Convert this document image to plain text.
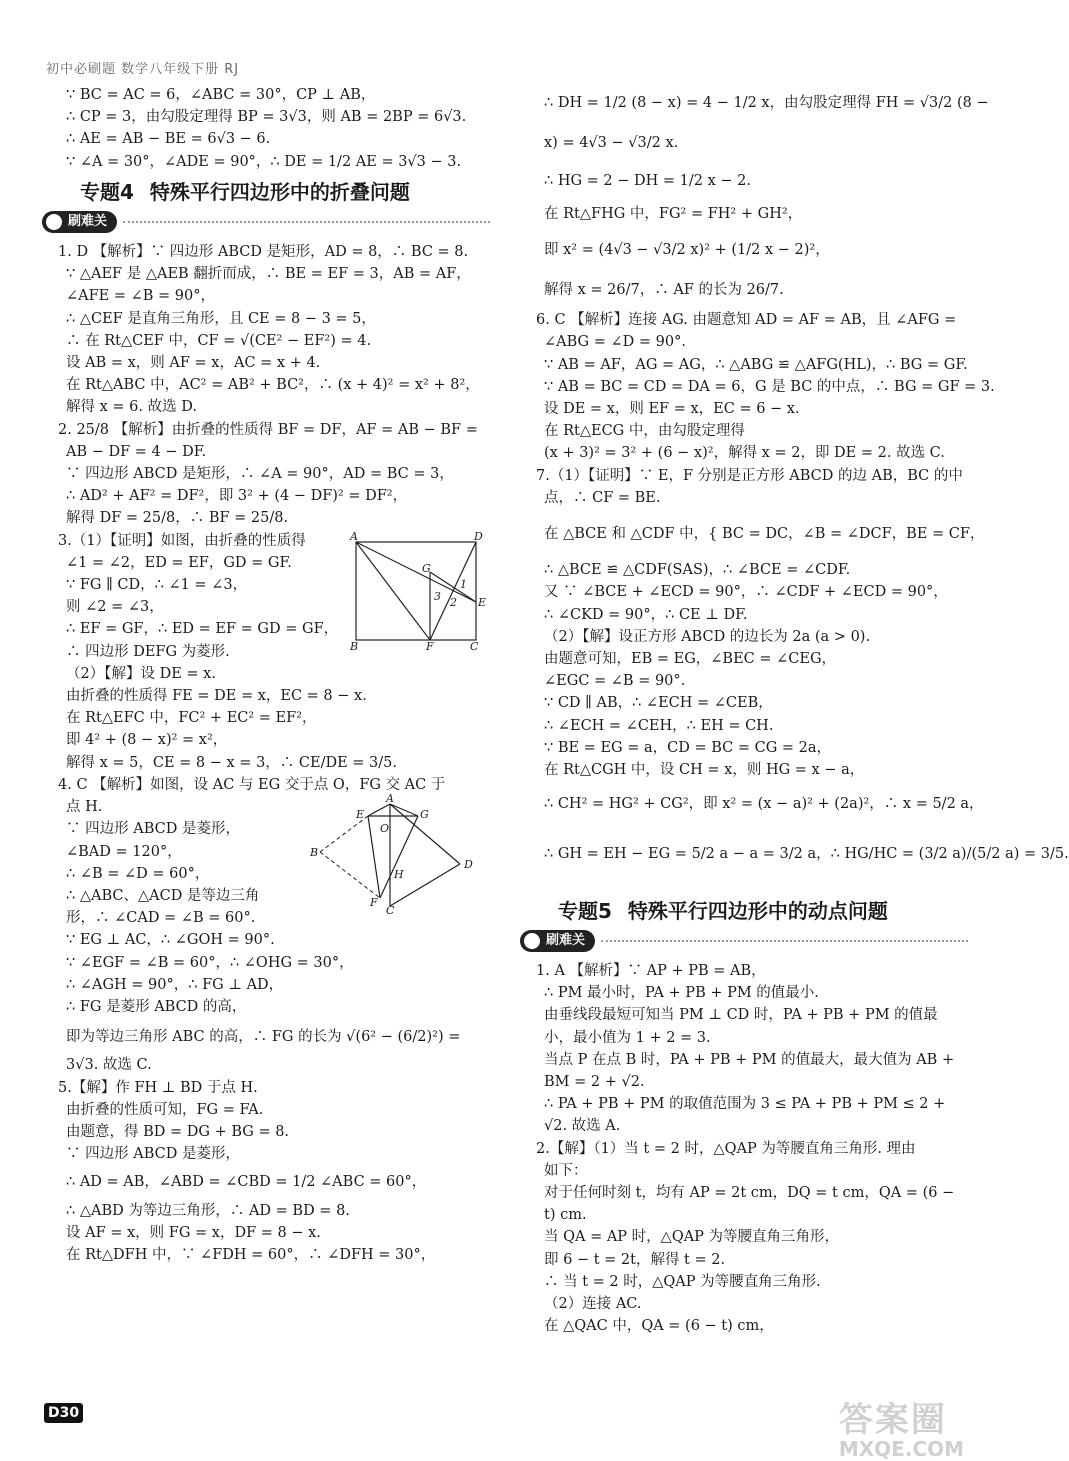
初中必刷题 数学八年级下册 RJ
∵ BC = AC = 6，∠ABC = 30°，CP ⊥ AB，
∴ CP = 3，由勾股定理得 BP = 3√3，则 AB = 2BP = 6√3.
∴ AE = AB − BE = 6√3 − 6.
∵ ∠A = 30°，∠ADE = 90°，∴ DE = 1/2 AE = 3√3 − 3.
专题4 特殊平行四边形中的折叠问题
刷难关
1. D 【解析】∵ 四边形 ABCD 是矩形，AD = 8，∴ BC = 8.
∵ △AEF 是 △AEB 翻折而成，∴ BE = EF = 3，AB = AF，
∠AFE = ∠B = 90°，
∴ △CEF 是直角三角形，且 CE = 8 − 3 = 5，
∴ 在 Rt△CEF 中，CF = √(CE² − EF²) = 4.
设 AB = x，则 AF = x，AC = x + 4.
在 Rt△ABC 中，AC² = AB² + BC²，∴ (x + 4)² = x² + 8²，
解得 x = 6. 故选 D.
2. 25/8 【解析】由折叠的性质得 BF = DF，AF = AB − BF =
AB − DF = 4 − DF.
∵ 四边形 ABCD 是矩形，∴ ∠A = 90°，AD = BC = 3，
∴ AD² + AF² = DF²，即 3² + (4 − DF)² = DF²，
解得 DF = 25/8，∴ BF = 25/8.
A	D
G
1
3 2 E
B	F	C
3.（1）【证明】如图，由折叠的性质得
∠1 = ∠2，ED = EF，GD = GF.
∵ FG ∥ CD，∴ ∠1 = ∠3，
则 ∠2 = ∠3，
∴ EF = GF，∴ ED = EF = GD = GF，
∴ 四边形 DEFG 为菱形.
（2）【解】设 DE = x.
由折叠的性质得 FE = DE = x，EC = 8 − x.
在 Rt△EFC 中，FC² + EC² = EF²，
即 4² + (8 − x)² = x²，
解得 x = 5，CE = 8 − x = 3，∴ CE/DE = 3/5.
A
E	G
O
B
D
H
F
C
4. C 【解析】如图，设 AC 与 EG 交于点 O，FG 交 AC 于
点 H.
∵ 四边形 ABCD 是菱形，
∠BAD = 120°，
∴ ∠B = ∠D = 60°，
∴ △ABC、△ACD 是等边三角
形，∴ ∠CAD = ∠B = 60°.
∵ EG ⊥ AC，∴ ∠GOH = 90°.
∵ ∠EGF = ∠B = 60°，∴ ∠OHG = 30°，
∴ ∠AGH = 90°，∴ FG ⊥ AD，
∴ FG 是菱形 ABCD 的高，
即为等边三角形 ABC 的高，∴ FG 的长为 √(6² − (6/2)²) =
3√3. 故选 C.
5.【解】作 FH ⊥ BD 于点 H.
由折叠的性质可知，FG = FA.
由题意，得 BD = DG + BG = 8.
∵ 四边形 ABCD 是菱形，
∴ AD = AB，∠ABD = ∠CBD = 1/2 ∠ABC = 60°，
∴ △ABD 为等边三角形，∴ AD = BD = 8.
设 AF = x，则 FG = x，DF = 8 − x.
在 Rt△DFH 中，∵ ∠FDH = 60°，∴ ∠DFH = 30°，
∴ DH = 1/2 (8 − x) = 4 − 1/2 x，由勾股定理得 FH = √3/2 (8 −
x) = 4√3 − √3/2 x.
∴ HG = 2 − DH = 1/2 x − 2.
在 Rt△FHG 中，FG² = FH² + GH²，
即 x² = (4√3 − √3/2 x)² + (1/2 x − 2)²，
解得 x = 26/7，∴ AF 的长为 26/7.
6. C 【解析】连接 AG. 由题意知 AD = AF = AB，且 ∠AFG =
∠ABG = ∠D = 90°.
∵ AB = AF，AG = AG，∴ △ABG ≌ △AFG(HL)，∴ BG = GF.
∵ AB = BC = CD = DA = 6，G 是 BC 的中点，∴ BG = GF = 3.
设 DE = x，则 EF = x，EC = 6 − x.
在 Rt△ECG 中，由勾股定理得
(x + 3)² = 3² + (6 − x)²，解得 x = 2，即 DE = 2. 故选 C.
7.（1）【证明】∵ E，F 分别是正方形 ABCD 的边 AB，BC 的中
点，∴ CF = BE.
在 △BCE 和 △CDF 中，{ BC = DC，∠B = ∠DCF，BE = CF，
∴ △BCE ≌ △CDF(SAS)，∴ ∠BCE = ∠CDF.
又 ∵ ∠BCE + ∠ECD = 90°，∴ ∠CDF + ∠ECD = 90°，
∴ ∠CKD = 90°，∴ CE ⊥ DF.
（2）【解】设正方形 ABCD 的边长为 2a (a > 0).
由题意可知，EB = EG，∠BEC = ∠CEG，
∠EGC = ∠B = 90°.
∵ CD ∥ AB，∴ ∠ECH = ∠CEB，
∴ ∠ECH = ∠CEH，∴ EH = CH.
∵ BE = EG = a，CD = BC = CG = 2a，
在 Rt△CGH 中，设 CH = x，则 HG = x − a，
∴ CH² = HG² + CG²，即 x² = (x − a)² + (2a)²，∴ x = 5/2 a，
∴ GH = EH − EG = 5/2 a − a = 3/2 a，∴ HG/HC = (3/2 a)/(5/2 a) = 3/5.
专题5 特殊平行四边形中的动点问题
刷难关
1. A 【解析】∵ AP + PB = AB，
∴ PM 最小时，PA + PB + PM 的值最小.
由垂线段最短可知当 PM ⊥ CD 时，PA + PB + PM 的值最
小，最小值为 1 + 2 = 3.
当点 P 在点 B 时，PA + PB + PM 的值最大，最大值为 AB +
BM = 2 + √2.
∴ PA + PB + PM 的取值范围为 3 ≤ PA + PB + PM ≤ 2 +
√2. 故选 A.
2.【解】（1）当 t = 2 时，△QAP 为等腰直角三角形. 理由
如下：
对于任何时刻 t，均有 AP = 2t cm，DQ = t cm，QA = (6 −
t) cm.
当 QA = AP 时，△QAP 为等腰直角三角形，
即 6 − t = 2t，解得 t = 2.
∴ 当 t = 2 时，△QAP 为等腰直角三角形.
（2）连接 AC.
在 △QAC 中，QA = (6 − t) cm，
D30	答案圈
MXQE.COM
